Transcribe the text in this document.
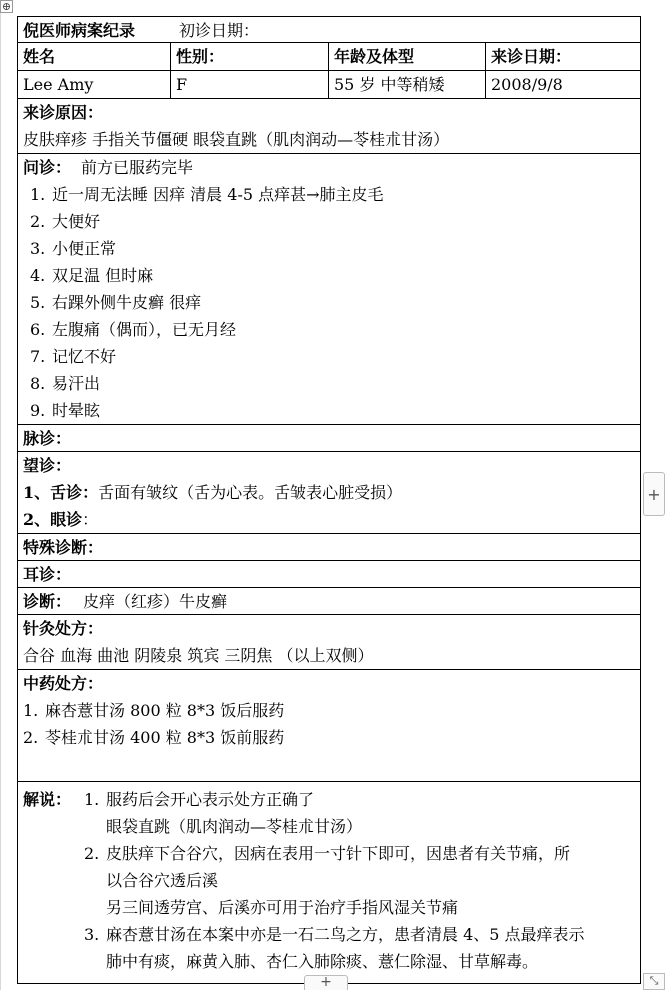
⊕
倪医师病案纪录	初诊日期：
姓名	性别：	年龄及体型	来诊日期：
Lee Amy	F	55 岁 中等稍矮	2008/9/8
来诊原因：
皮肤痒疹 手指关节僵硬 眼袋直跳（肌肉润动—苓桂朮甘汤）
问诊： 前方已服药完毕
1. 近一周无法睡 因痒 清晨 4-5 点痒甚→肺主皮毛
2. 大便好
3. 小便正常
4. 双足温 但时麻
5. 右踝外侧牛皮癣 很痒
6. 左腹痛（偶而），已无月经
7. 记忆不好
8. 易汗出
9. 时晕眩
脉诊：
望诊：
1、舌诊：舌面有皱纹（舌为心表。舌皱表心脏受损）
2、眼诊：
特殊诊断：
耳诊：
诊断： 皮痒（红疹）牛皮癣
针灸处方：
合谷 血海 曲池 阴陵泉 筑宾 三阴焦 （以上双侧）
中药处方：
1. 麻杏薏甘汤 800 粒 8*3 饭后服药
2. 苓桂朮甘汤 400 粒 8*3 饭前服药
解说： 1. 服药后会开心表示处方正确了
眼袋直跳（肌肉润动—苓桂朮甘汤）
2. 皮肤痒下合谷穴，因病在表用一寸针下即可，因患者有关节痛，所
以合谷穴透后溪
另三间透劳宫、后溪亦可用于治疗手指风湿关节痛
3. 麻杏薏甘汤在本案中亦是一石二鸟之方，患者清晨 4、5 点最痒表示
肺中有痰，麻黄入肺、杏仁入肺除痰、薏仁除湿、甘草解毒。
+
+	⤡
